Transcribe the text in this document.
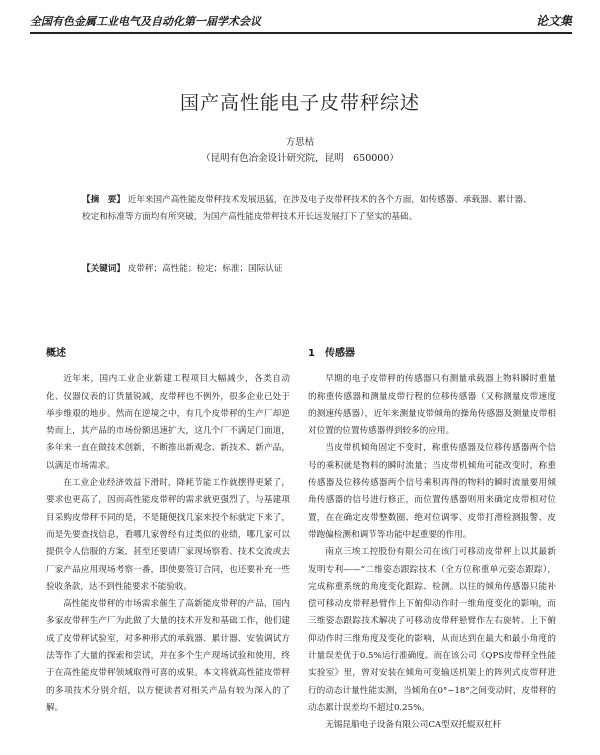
全国有色金属工业电气及自动化第一届学术会议	论文集
国产高性能电子皮带秤综述
方思枯
（昆明有色冶金设计研究院，昆明　650000）
【摘　要】 近年来国产高性能皮带秤技术发展迅猛，在涉及电子皮带秤技术的各个方面，如传感器、承载器、累计器、校定和标准等方面均有所突破，为国产高性能皮带秤技术开长远发展打下了坚实的基础。
【关键词】 皮带秤；高性能；检定；标准；国际认证
概述

近年来，国内工业企业新建工程项目大幅减少，各类自动化、仪器仪表的订货量锐减，皮带秤也不例外，很多企业已处于举步维艰的地步。然而在逆境之中，有几个皮带秤的生产厂却逆势而上，其产品的市场份额迅速扩大，这几个厂不满足门面道，多年来一直在做技术创新，不断推出新观念、新技术、新产品，以满足市场需求。

在工业企业经济效益下滑时，降耗节能工作就摆得更紧了，要求也更高了，因而高性能皮带秤的需求就更强烈了，与基建项目采购皮带秤不同的是，不是随便找几家来投个标就定下来了，而是先要查找信息，看哪几家曾经有过类似的业绩，哪几家可以提供令人信服的方案，甚至还要请厂家现场察看、技术交流或去厂家产品应用现场考察一番，即使要签订合同，也还要补充一些验收条款，达不到性能要求不能验收。

高性能皮带秤的市场需求催生了高新能皮带秤的产品，国内多家皮带秤生产厂为此做了大量的技术开发和基础工作，他们建成了皮带秤试验室，对多种形式的承载器、累计器、安装调试方法等作了大量的探索和尝试，并在多个生产现场试验和使用，终于在高性能皮带秤领域取得可喜的成果。本文将就高性能皮带秤的多项技术分别介绍，以方便读者对相关产品有较为深入的了解。

1　传感器

早期的电子皮带秤的传感器只有测量承载器上物料瞬时重量的称重传感器和测量皮带行程的位移传感器（又称测量皮带速度的测速传感器），近年来测量皮带倾角的操角传感器及测量皮带相对位置的位置传感器得到较多的应用。

当皮带机倾角固定不变时，称重传感器及位移传感器两个信号的乘积就是物料的瞬时流量；当皮带机倾角可能改变时，称重传感器及位移传感器两个信号乘积再得的物料的瞬时流量要用倾角传感器的信号进行修正，而位置传感器则用来确定皮带相对位置，在在确定皮带整数圈、绝对位调零、皮带打滑检测报警、皮带跑偏检测和调节等功能中起重要的作用。

南京三埃工控股份有限公司在该门可移动皮带秤上以其最新发明专利——“二维姿态跟踪技术（全方位称重单元姿态跟踪），完成称重系统的角度变化跟踪、检测。以往的倾角传感器只能补偿可移动皮带秤悬臂作上下俯仰动作时一维角度变化的影响，而三维姿态跟踪技术解决了可移动皮带秤悬臂作左右旋转、上下俯仰动作时三维角度及变化的影响，从而达到在最大和最小角度的计量误差优于0.5%运行准确度。而在该公司《QPS皮带秤全性能实验室》里，曾对安装在倾角可变输送机架上的阵列式皮带秤进行的动态计量性能实测，当倾角在0°~18°之间变动时，皮带秤的动态累计误差均不超过0.25%。

无锡昆船电子设备有限公司CA型双托辊双杠杆
